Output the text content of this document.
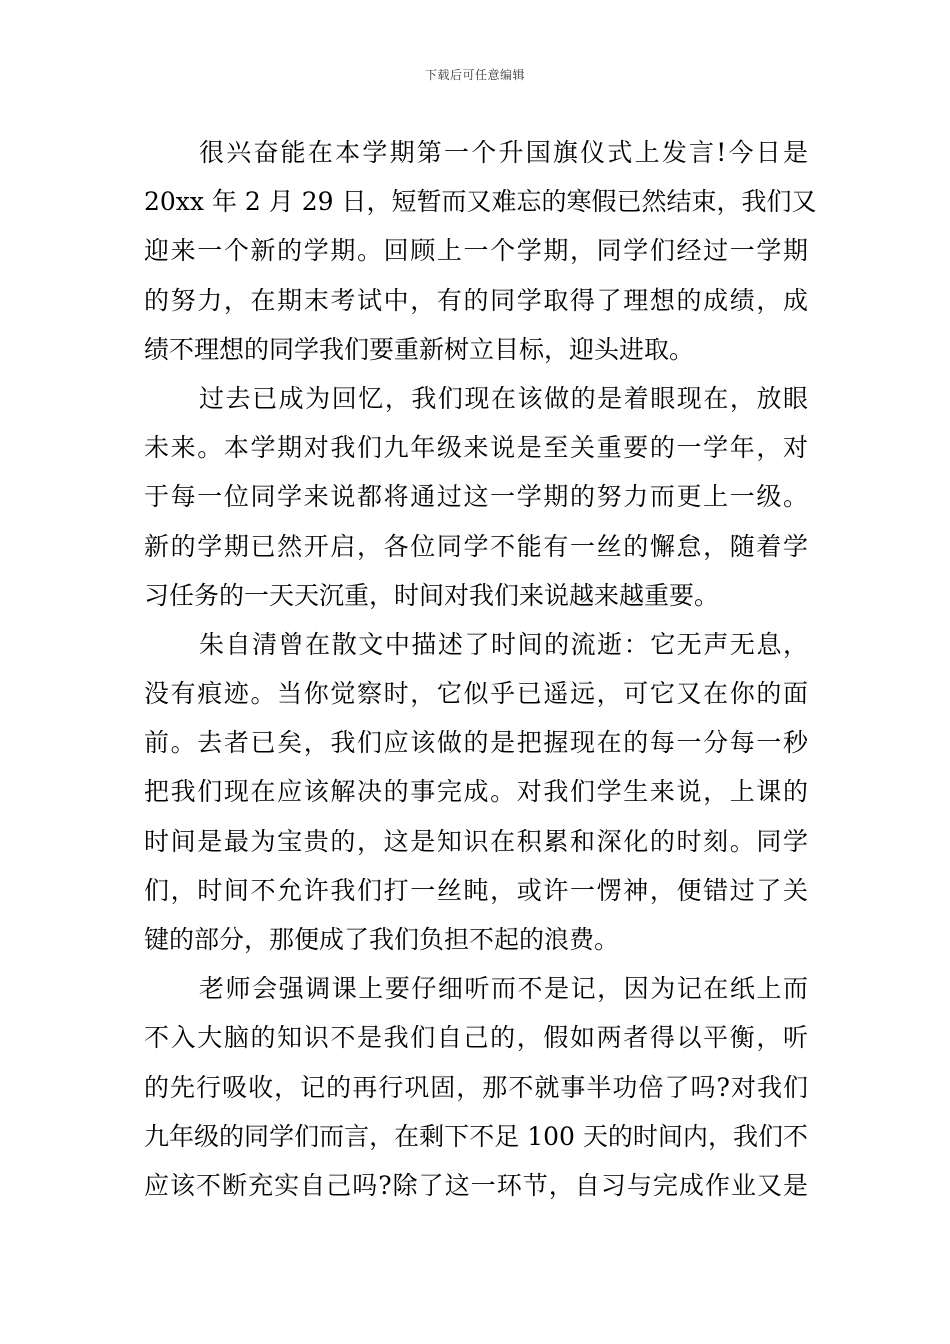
下载后可任意编辑
很兴奋能在本学期第一个升国旗仪式上发言!今日是
20xx 年 2 月 29 日，短暂而又难忘的寒假已然结束，我们又
迎来一个新的学期。回顾上一个学期，同学们经过一学期
的努力，在期末考试中，有的同学取得了理想的成绩，成
绩不理想的同学我们要重新树立目标，迎头进取。
过去已成为回忆，我们现在该做的是着眼现在，放眼
未来。本学期对我们九年级来说是至关重要的一学年，对
于每一位同学来说都将通过这一学期的努力而更上一级。
新的学期已然开启，各位同学不能有一丝的懈怠，随着学
习任务的一天天沉重，时间对我们来说越来越重要。
朱自清曾在散文中描述了时间的流逝：它无声无息，
没有痕迹。当你觉察时，它似乎已遥远，可它又在你的面
前。去者已矣，我们应该做的是把握现在的每一分每一秒
把我们现在应该解决的事完成。对我们学生来说，上课的
时间是最为宝贵的，这是知识在积累和深化的时刻。同学
们，时间不允许我们打一丝盹，或许一愣神，便错过了关
键的部分，那便成了我们负担不起的浪费。
老师会强调课上要仔细听而不是记，因为记在纸上而
不入大脑的知识不是我们自己的，假如两者得以平衡，听
的先行吸收，记的再行巩固，那不就事半功倍了吗?对我们
九年级的同学们而言，在剩下不足 100 天的时间内，我们不
应该不断充实自己吗?除了这一环节，自习与完成作业又是
